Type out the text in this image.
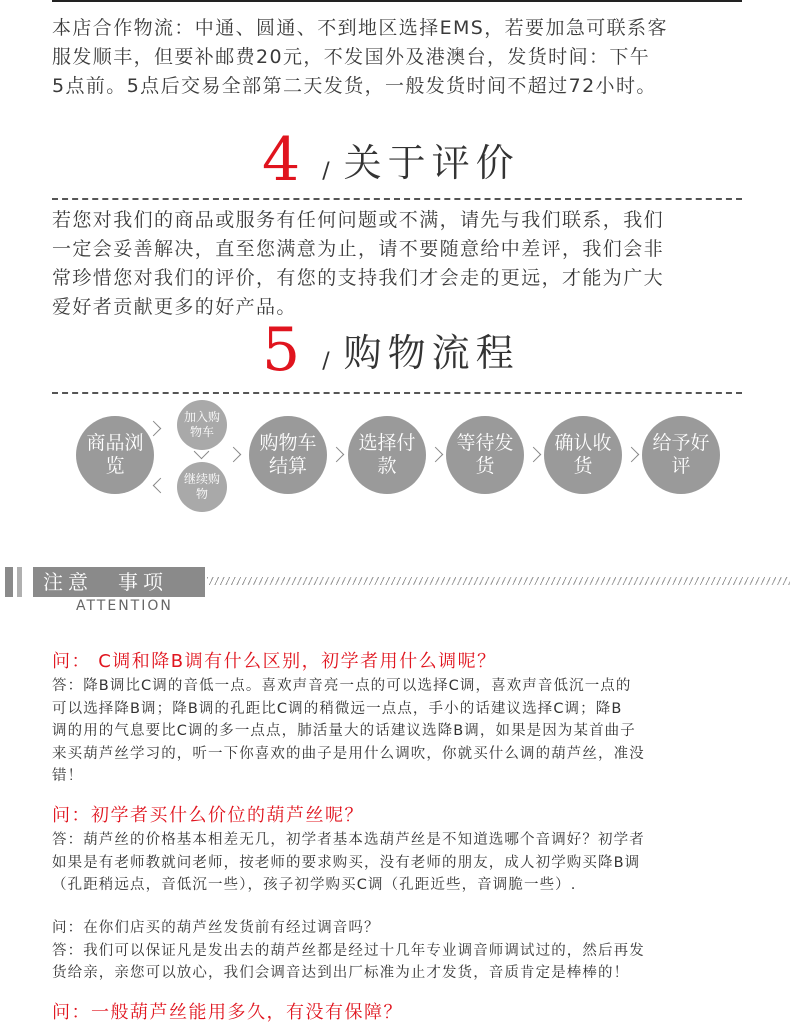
本店合作物流：中通、圆通、不到地区选择EMS，若要加急可联系客
服发顺丰，但要补邮费20元，不发国外及港澳台，发货时间：下午
5点前。5点后交易全部第二天发货，一般发货时间不超过72小时。
4 / 关于评价
若您对我们的商品或服务有任何问题或不满，请先与我们联系，我们
一定会妥善解决，直至您满意为止，请不要随意给中差评，我们会非
常珍惜您对我们的评价，有您的支持我们才会走的更远，才能为广大
爱好者贡献更多的好产品。
5 / 购物流程
商品浏览
加入购物车
继续购物
购物车结算
选择付款
等待发货
确认收货
给予好评
注意　事项
ATTENTION
问： C调和降B调有什么区别，初学者用什么调呢？
答：降B调比C调的音低一点。喜欢声音亮一点的可以选择C调，喜欢声音低沉一点的
可以选择降B调；降B调的孔距比C调的稍微远一点点，手小的话建议选择C调；降B
调的用的气息要比C调的多一点点，肺活量大的话建议选降B调，如果是因为某首曲子
来买葫芦丝学习的，听一下你喜欢的曲子是用什么调吹，你就买什么调的葫芦丝，准没
错！
问：初学者买什么价位的葫芦丝呢？
答：葫芦丝的价格基本相差无几，初学者基本选葫芦丝是不知道选哪个音调好？初学者
如果是有老师教就问老师，按老师的要求购买，没有老师的朋友，成人初学购买降B调
（孔距稍远点，音低沉一些），孩子初学购买C调（孔距近些，音调脆一些）.
问：在你们店买的葫芦丝发货前有经过调音吗？
答：我们可以保证凡是发出去的葫芦丝都是经过十几年专业调音师调试过的，然后再发
货给亲，亲您可以放心，我们会调音达到出厂标准为止才发货，音质肯定是棒棒的！
问：一般葫芦丝能用多久，有没有保障？
